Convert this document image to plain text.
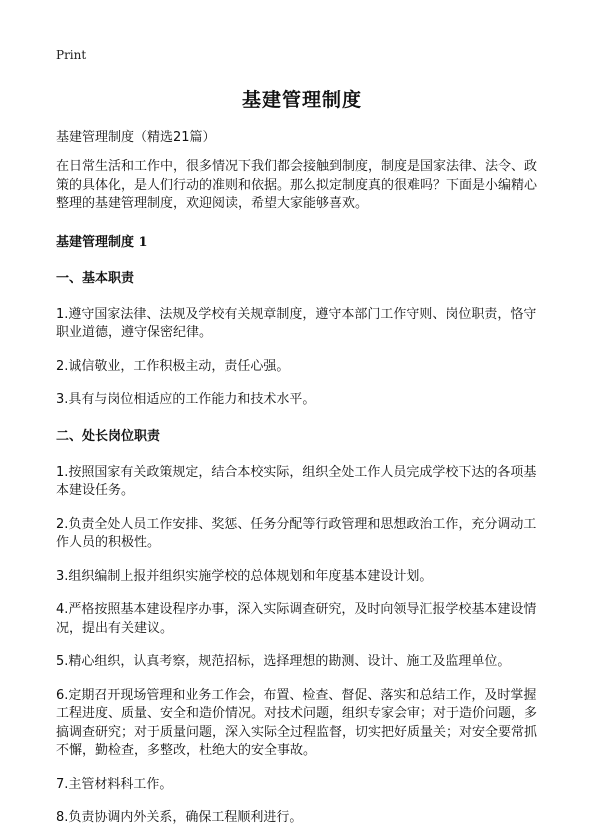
Print
基建管理制度
基建管理制度（精选21篇）

在日常生活和工作中，很多情况下我们都会接触到制度，制度是国家法律、法令、政策的具体化，是人们行动的准则和依据。那么拟定制度真的很难吗？下面是小编精心整理的基建管理制度，欢迎阅读，希望大家能够喜欢。

基建管理制度 1
一、基本职责

1.遵守国家法律、法规及学校有关规章制度，遵守本部门工作守则、岗位职责，恪守职业道德，遵守保密纪律。

2.诚信敬业，工作积极主动，责任心强。

3.具有与岗位相适应的工作能力和技术水平。

二、处长岗位职责

1.按照国家有关政策规定，结合本校实际，组织全处工作人员完成学校下达的各项基本建设任务。

2.负责全处人员工作安排、奖惩、任务分配等行政管理和思想政治工作，充分调动工作人员的积极性。

3.组织编制上报并组织实施学校的总体规划和年度基本建设计划。

4.严格按照基本建设程序办事，深入实际调查研究，及时向领导汇报学校基本建设情况，提出有关建议。

5.精心组织，认真考察，规范招标，选择理想的勘测、设计、施工及监理单位。

6.定期召开现场管理和业务工作会，布置、检查、督促、落实和总结工作，及时掌握工程进度、质量、安全和造价情况。对技术问题，组织专家会审；对于造价问题，多搞调查研究；对于质量问题，深入实际全过程监督，切实把好质量关；对安全要常抓不懈，勤检查，多整改，杜绝大的安全事故。

7.主管材料科工作。

8.负责协调内外关系，确保工程顺利进行。
